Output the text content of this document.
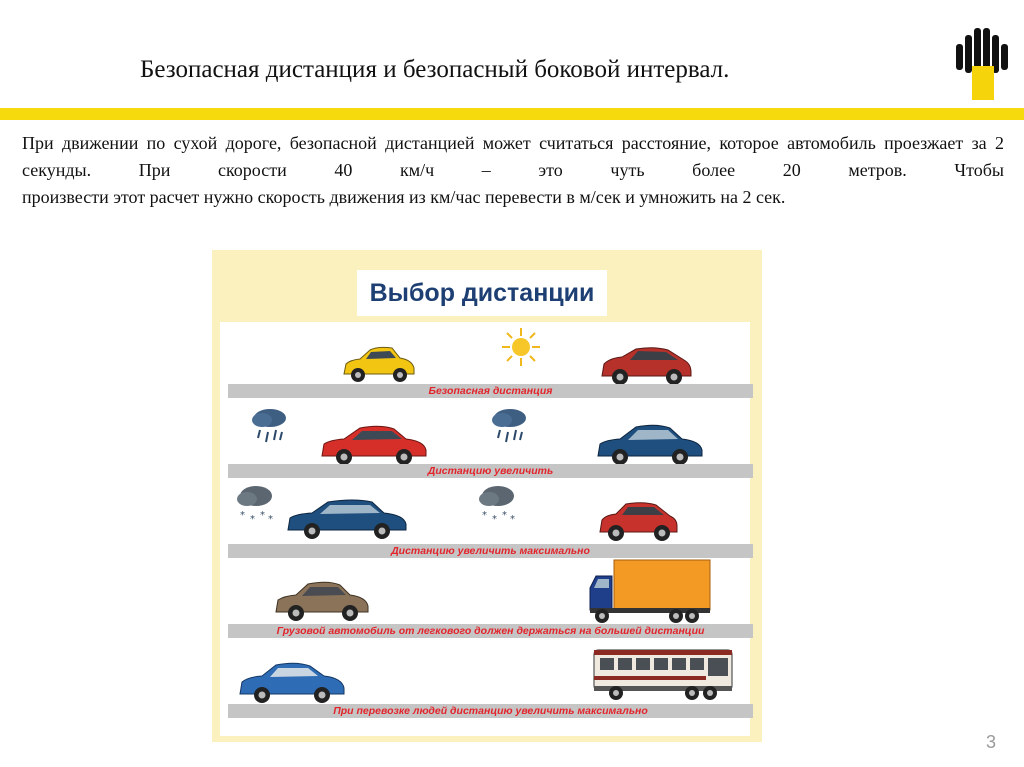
Безопасная дистанция и безопасный боковой интервал.
При движении по сухой дороге, безопасной дистанцией может считаться расстояние, которое автомобиль проезжает за 2 секунды. При скорости 40 км/ч – это чуть более 20 метров. Чтобы
произвести этот расчет нужно скорость движения из км/час перевести в м/сек и умножить на 2 сек.
Выбор дистанции
Безопасная дистанция
Дистанцию увеличить
* * * *	* * * *
Дистанцию увеличить максимально
Грузовой автомобиль от легкового должен держаться на большей дистанции
При перевозке людей дистанцию увеличить максимально
3
